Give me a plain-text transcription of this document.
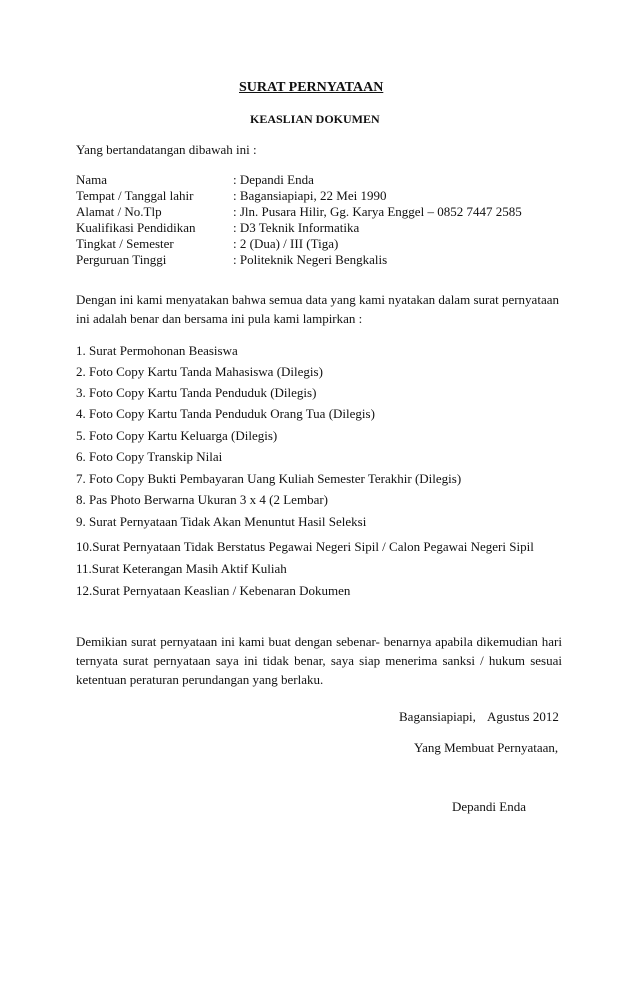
SURAT PERNYATAAN
KEASLIAN DOKUMEN
Yang bertandatangan dibawah ini :
Nama	: Depandi Enda
Tempat / Tanggal lahir	: Bagansiapiapi, 22 Mei 1990
Alamat / No.Tlp	: Jln. Pusara Hilir, Gg. Karya Enggel – 0852 7447 2585
Kualifikasi Pendidikan	: D3 Teknik Informatika
Tingkat / Semester	: 2 (Dua) / III (Tiga)
Perguruan Tinggi	: Politeknik Negeri Bengkalis
Dengan ini kami menyatakan bahwa semua data yang kami nyatakan dalam surat pernyataan ini adalah benar dan bersama ini pula kami lampirkan :
1. Surat Permohonan Beasiswa
2. Foto Copy Kartu Tanda Mahasiswa (Dilegis)
3. Foto Copy Kartu Tanda Penduduk (Dilegis)
4. Foto Copy Kartu Tanda Penduduk Orang Tua (Dilegis)
5. Foto Copy Kartu Keluarga (Dilegis)
6. Foto Copy Transkip Nilai
7. Foto Copy Bukti Pembayaran Uang Kuliah Semester Terakhir (Dilegis)
8. Pas Photo Berwarna Ukuran 3 x 4 (2 Lembar)
9. Surat Pernyataan Tidak Akan Menuntut Hasil Seleksi
10.Surat Pernyataan Tidak Berstatus Pegawai Negeri Sipil / Calon Pegawai Negeri Sipil
11.Surat Keterangan Masih Aktif Kuliah
12.Surat Pernyataan Keaslian / Kebenaran Dokumen
Demikian surat pernyataan ini kami buat dengan sebenar- benarnya apabila dikemudian hari ternyata surat pernyataan saya ini tidak benar, saya siap menerima sanksi / hukum sesuai ketentuan peraturan perundangan yang berlaku.
Bagansiapiapi, Agustus 2012
Yang Membuat Pernyataan,
Depandi Enda
